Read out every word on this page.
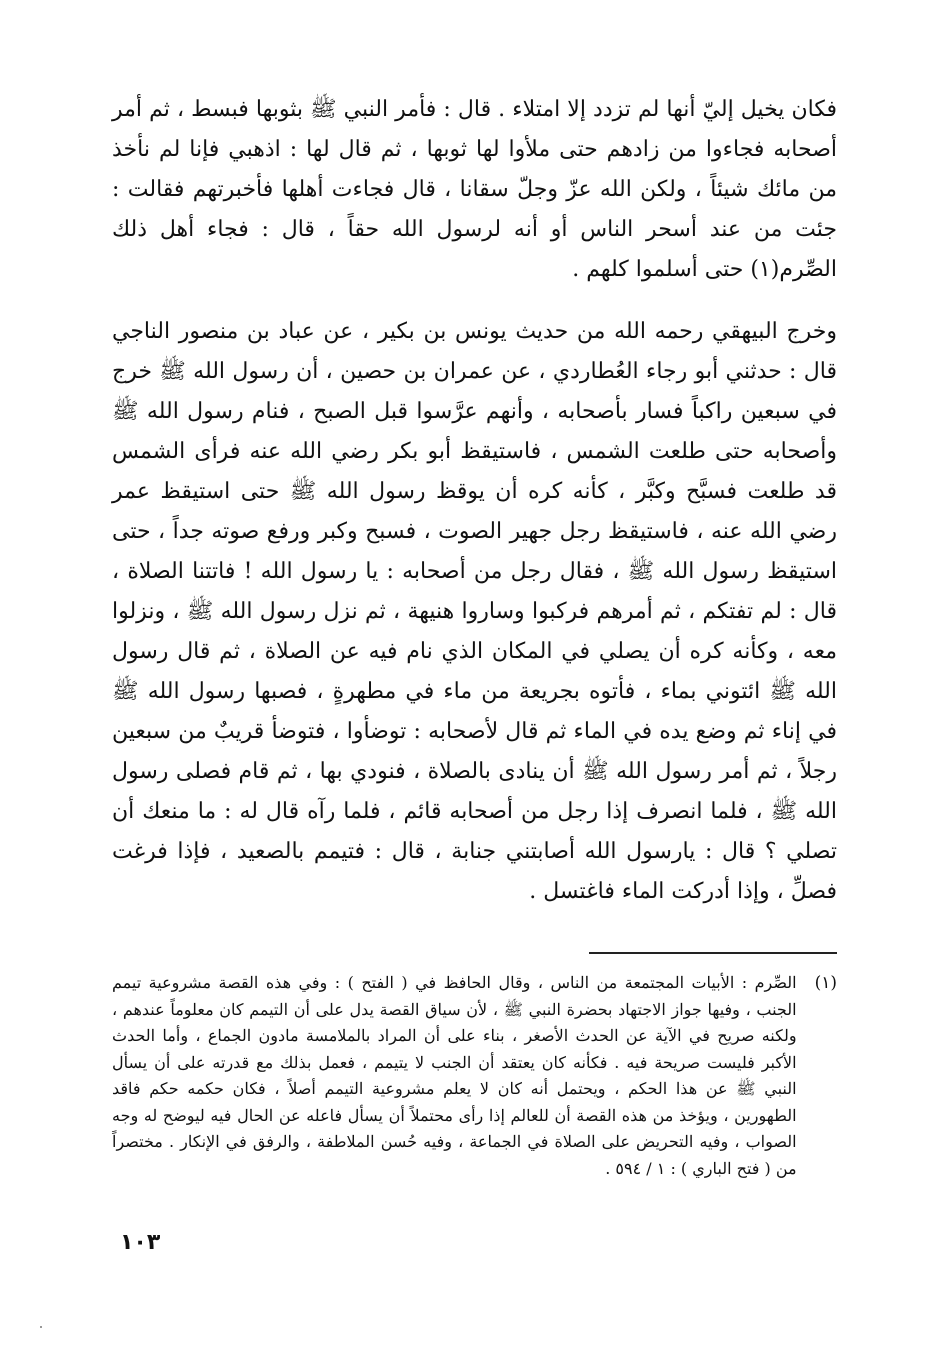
فكان يخيل إليّ أنها لم تزدد إلا امتلاء . قال : فأمر النبي ﷺ بثوبها فبسط ، ثم أمر أصحابه فجاءوا من زادهم حتى ملأوا لها ثوبها ، ثم قال لها : اذهبي فإنا لم نأخذ من مائك شيئاً ، ولكن الله عزّ وجلّ سقانا ، قال فجاءت أهلها فأخبرتهم فقالت : جئت من عند أسحر الناس أو أنه لرسول الله حقاً ، قال : فجاء أهل ذلك الصِّرم(١) حتى أسلموا كلهم .

وخرج البيهقي رحمه الله من حديث يونس بن بكير ، عن عباد بن منصور الناجي قال : حدثني أبو رجاء العُطاردي ، عن عمران بن حصين ، أن رسول الله ﷺ خرج في سبعين راكباً فسار بأصحابه ، وأنهم عرَّسوا قبل الصبح ، فنام رسول الله ﷺ وأصحابه حتى طلعت الشمس ، فاستيقظ أبو بكر رضي الله عنه فرأى الشمس قد طلعت فسبَّح وكبَّر ، كأنه كره أن يوقظ رسول الله ﷺ حتى استيقظ عمر رضي الله عنه ، فاستيقظ رجل جهير الصوت ، فسبح وكبر ورفع صوته جداً ، حتى استيقظ رسول الله ﷺ ، فقال رجل من أصحابه : يا رسول الله ! فاتتنا الصلاة ، قال : لم تفتكم ، ثم أمرهم فركبوا وساروا هنيهة ، ثم نزل رسول الله ﷺ ، ونزلوا معه ، وكأنه كره أن يصلي في المكان الذي نام فيه عن الصلاة ، ثم قال رسول الله ﷺ ائتوني بماء ، فأتوه بجريعة من ماء في مطهرةٍ ، فصبها رسول الله ﷺ في إناء ثم وضع يده في الماء ثم قال لأصحابه : توضأوا ، فتوضأ قريبٌ من سبعين رجلاً ، ثم أمر رسول الله ﷺ أن ينادى بالصلاة ، فنودي بها ، ثم قام فصلى رسول الله ﷺ ، فلما انصرف إذا رجل من أصحابه قائم ، فلما رآه قال له : ما منعك أن تصلي ؟ قال : يارسول الله أصابتني جنابة ، قال : فتيمم بالصعيد ، فإذا فرغت فصلِّ ، وإذا أدركت الماء فاغتسل .

(١)

الصِّرم : الأبيات المجتمعة من الناس ، وقال الحافظ في ( الفتح ) : وفي هذه القصة مشروعية تيمم الجنب ، وفيها جواز الاجتهاد بحضرة النبي ﷺ ، لأن سياق القصة يدل على أن التيمم كان معلوماً عندهم ، ولكنه صريح في الآية عن الحدث الأصغر ، بناء على أن المراد بالملامسة مادون الجماع ، وأما الحدث الأكبر فليست صريحة فيه . فكأنه كان يعتقد أن الجنب لا يتيمم ، فعمل بذلك مع قدرته على أن يسأل النبي ﷺ عن هذا الحكم ، ويحتمل أنه كان لا يعلم مشروعية التيمم أصلاً ، فكان حكمه حكم فاقد الطهورين ، ويؤخذ من هذه القصة أن للعالم إذا رأى محتملاً أن يسأل فاعله عن الحال فيه ليوضح له وجه الصواب ، وفيه التحريض على الصلاة في الجماعة ، وفيه حُسن الملاطفة ، والرفق في الإنكار . مختصراً من ( فتح الباري ) : ١ / ٥٩٤ .

١٠٣
